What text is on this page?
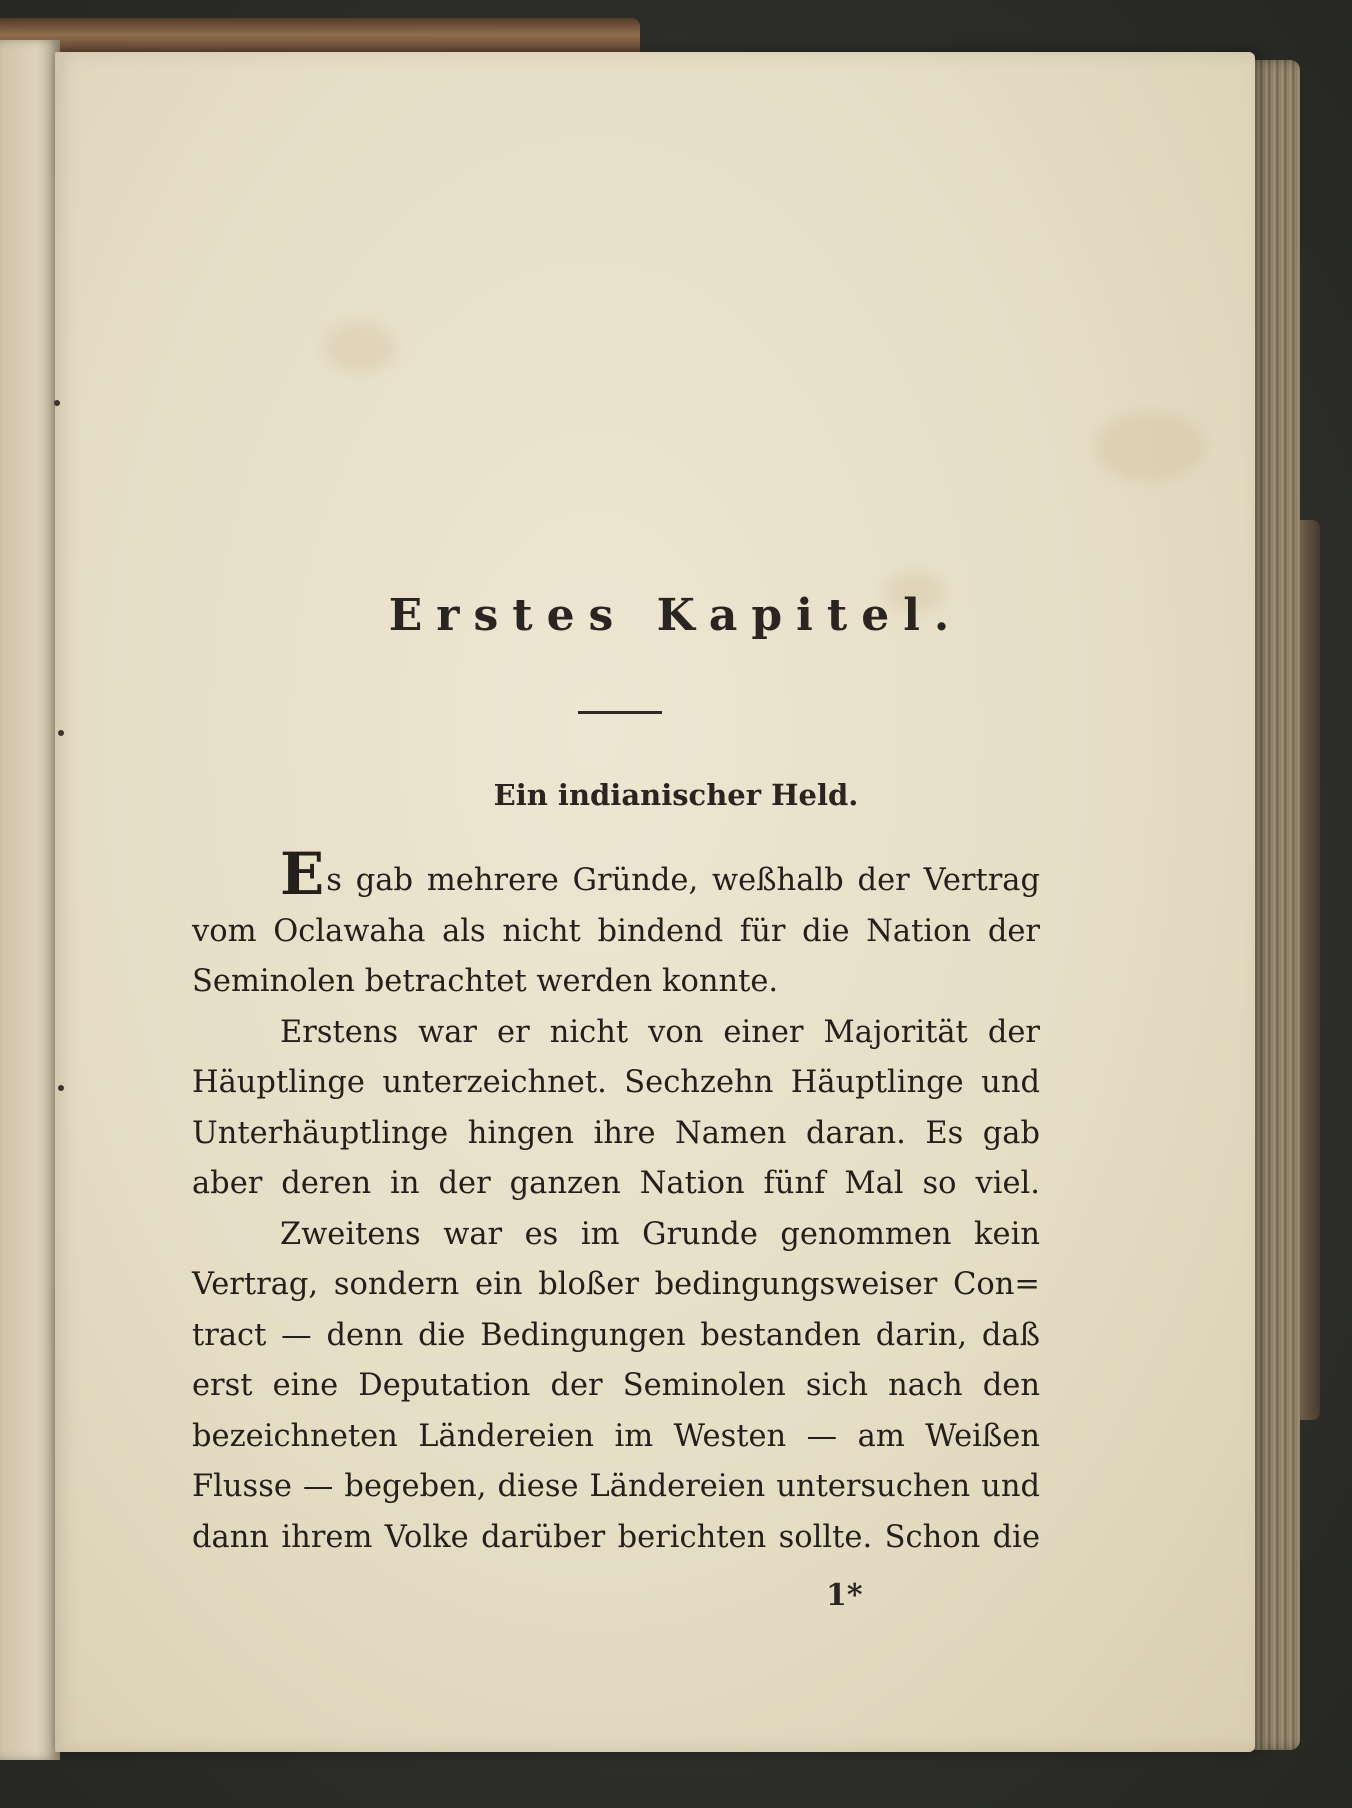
Erstes Kapitel.
Ein indianischer Held.
Es gab mehrere Gründe, weßhalb der Vertrag
vom Oclawaha als nicht bindend für die Nation der
Seminolen betrachtet werden konnte.
Erstens war er nicht von einer Majorität der
Häuptlinge unterzeichnet. Sechzehn Häuptlinge und
Unterhäuptlinge hingen ihre Namen daran. Es gab
aber deren in der ganzen Nation fünf Mal so viel.
Zweitens war es im Grunde genommen kein
Vertrag, sondern ein bloßer bedingungsweiser Con=
tract — denn die Bedingungen bestanden darin, daß
erst eine Deputation der Seminolen sich nach den
bezeichneten Ländereien im Westen — am Weißen
Flusse — begeben, diese Ländereien untersuchen und
dann ihrem Volke darüber berichten sollte. Schon die
1*
